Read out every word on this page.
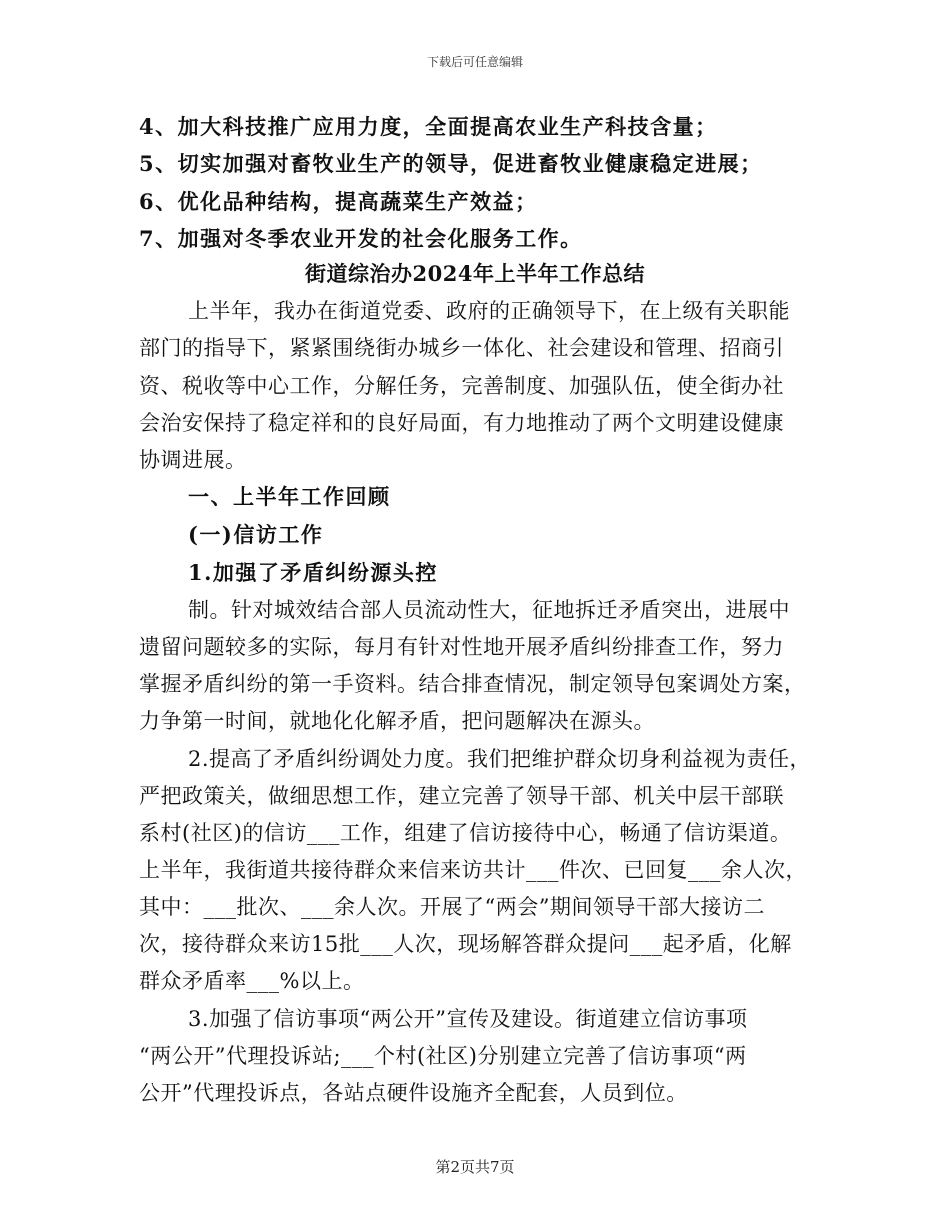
下载后可任意编辑
4、加大科技推广应用力度，全面提高农业生产科技含量；
5、切实加强对畜牧业生产的领导，促进畜牧业健康稳定进展；
6、优化品种结构，提高蔬菜生产效益；
7、加强对冬季农业开发的社会化服务工作。
街道综治办2024年上半年工作总结
上半年，我办在街道党委、政府的正确领导下，在上级有关职能
部门的指导下，紧紧围绕街办城乡一体化、社会建设和管理、招商引
资、税收等中心工作，分解任务，完善制度、加强队伍，使全街办社
会治安保持了稳定祥和的良好局面，有力地推动了两个文明建设健康
协调进展。
一、上半年工作回顾
(一)信访工作
1.加强了矛盾纠纷源头控
制。针对城效结合部人员流动性大，征地拆迁矛盾突出，进展中
遗留问题较多的实际，每月有针对性地开展矛盾纠纷排查工作，努力
掌握矛盾纠纷的第一手资料。结合排查情况，制定领导包案调处方案，
力争第一时间，就地化化解矛盾，把问题解决在源头。
2.提高了矛盾纠纷调处力度。我们把维护群众切身利益视为责任，
严把政策关，做细思想工作，建立完善了领导干部、机关中层干部联
系村(社区)的信访___工作，组建了信访接待中心，畅通了信访渠道。
上半年，我街道共接待群众来信来访共计___件次、已回复___余人次，
其中：___批次、___余人次。开展了“两会”期间领导干部大接访二
次，接待群众来访15批___人次，现场解答群众提问___起矛盾，化解
群众矛盾率___%以上。
3.加强了信访事项“两公开”宣传及建设。街道建立信访事项
“两公开”代理投诉站;___个村(社区)分别建立完善了信访事项“两
公开”代理投诉点，各站点硬件设施齐全配套，人员到位。
第2页共7页
